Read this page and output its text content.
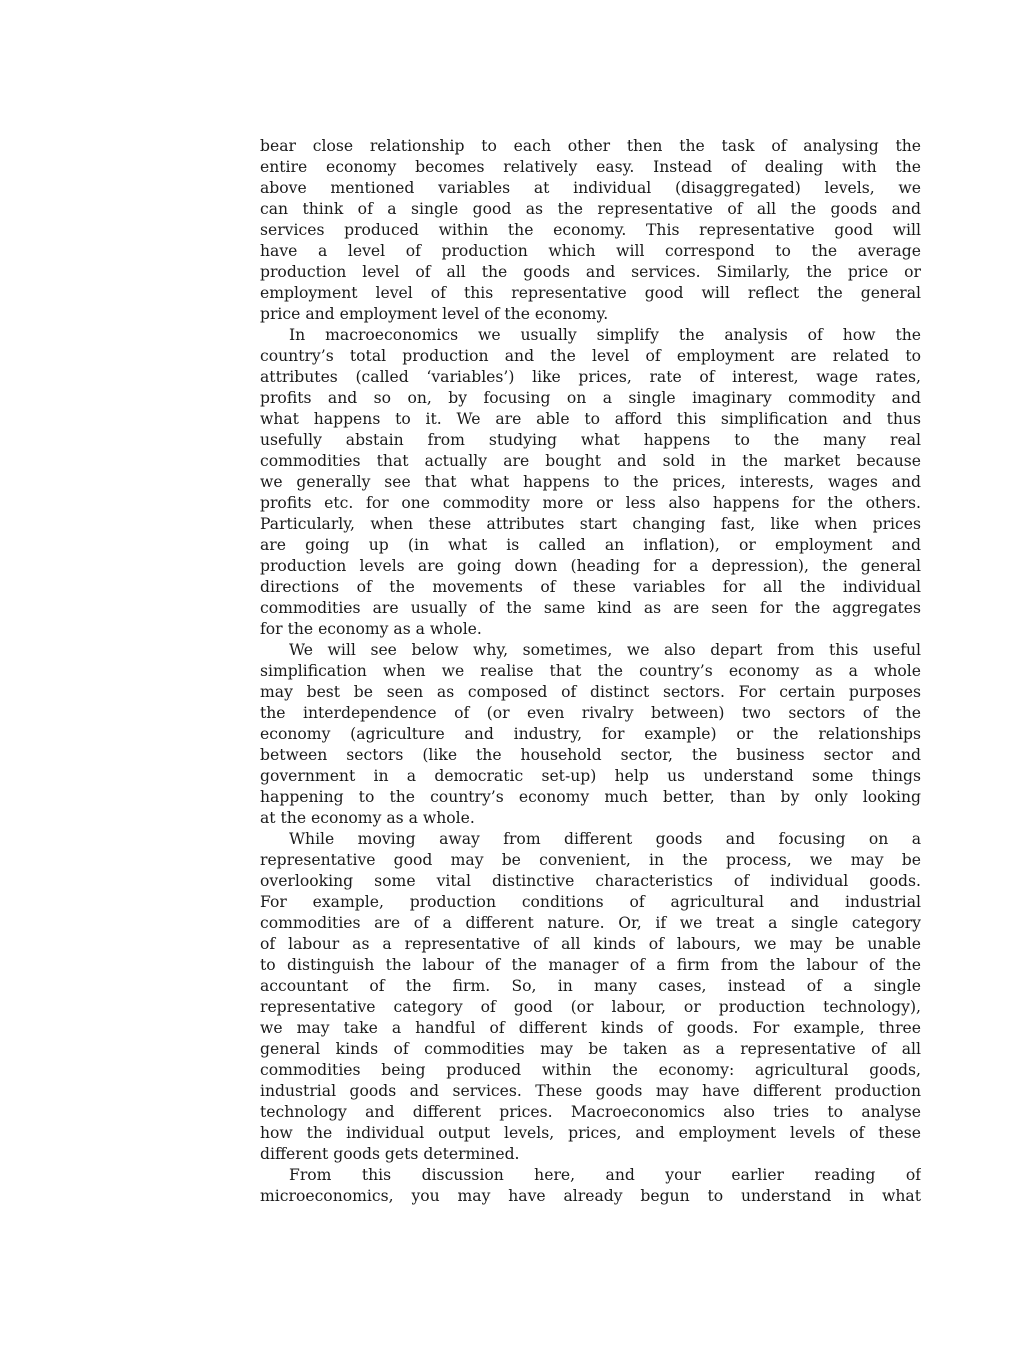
bear close relationship to each other then the task of analysing the
entire economy becomes relatively easy. Instead of dealing with the
above mentioned variables at individual (disaggregated) levels, we
can think of a single good as the representative of all the goods and
services produced within the economy. This representative good will
have a level of production which will correspond to the average
production level of all the goods and services. Similarly, the price or
employment level of this representative good will reflect the general
price and employment level of the economy.
In macroeconomics we usually simplify the analysis of how the
country’s total production and the level of employment are related to
attributes (called ‘variables’) like prices, rate of interest, wage rates,
profits and so on, by focusing on a single imaginary commodity and
what happens to it. We are able to afford this simplification and thus
usefully abstain from studying what happens to the many real
commodities that actually are bought and sold in the market because
we generally see that what happens to the prices, interests, wages and
profits etc. for one commodity more or less also happens for the others.
Particularly, when these attributes start changing fast, like when prices
are going up (in what is called an inflation), or employment and
production levels are going down (heading for a depression), the general
directions of the movements of these variables for all the individual
commodities are usually of the same kind as are seen for the aggregates
for the economy as a whole.
We will see below why, sometimes, we also depart from this useful
simplification when we realise that the country’s economy as a whole
may best be seen as composed of distinct sectors. For certain purposes
the interdependence of (or even rivalry between) two sectors of the
economy (agriculture and industry, for example) or the relationships
between sectors (like the household sector, the business sector and
government in a democratic set-up) help us understand some things
happening to the country’s economy much better, than by only looking
at the economy as a whole.
While moving away from different goods and focusing on a
representative good may be convenient, in the process, we may be
overlooking some vital distinctive characteristics of individual goods.
For example, production conditions of agricultural and industrial
commodities are of a different nature. Or, if we treat a single category
of labour as a representative of all kinds of labours, we may be unable
to distinguish the labour of the manager of a firm from the labour of the
accountant of the firm. So, in many cases, instead of a single
representative category of good (or labour, or production technology),
we may take a handful of different kinds of goods. For example, three
general kinds of commodities may be taken as a representative of all
commodities being produced within the economy: agricultural goods,
industrial goods and services. These goods may have different production
technology and different prices. Macroeconomics also tries to analyse
how the individual output levels, prices, and employment levels of these
different goods gets determined.
From this discussion here, and your earlier reading of
microeconomics, you may have already begun to understand in what
